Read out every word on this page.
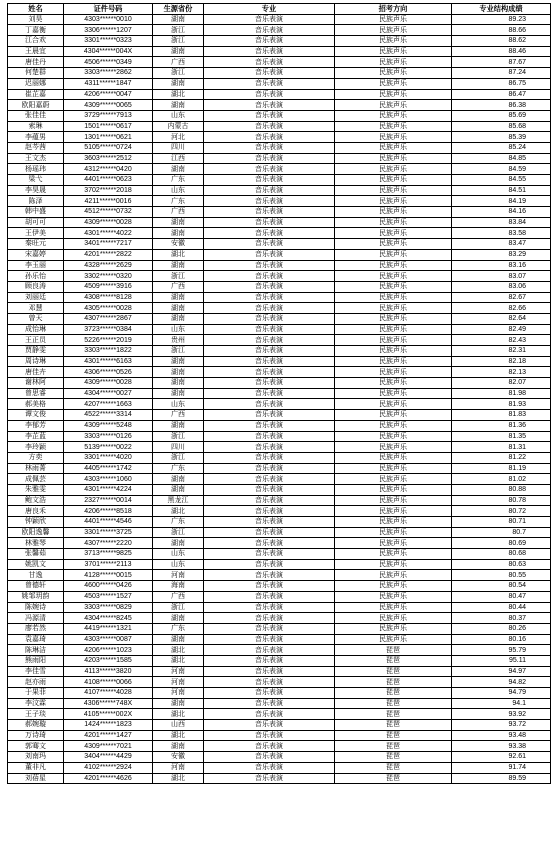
姓名	证件号码	生源省份	专业	招考方向	专业结构成绩
刘昊	4303******0010	湖南	音乐表演	民族声乐	89.23
丁嘉衡	3306******1207	浙江	音乐表演	民族声乐	88.66
江合欢	3301******0323	浙江	音乐表演	民族声乐	88.62
王晨宜	4304******004X	湖南	音乐表演	民族声乐	88.46
唐佳丹	4506******0349	广西	音乐表演	民族声乐	87.67
何楚群	3303******2862	浙江	音乐表演	民族声乐	87.24
迟丽娜	4311******1847	湖南	音乐表演	民族声乐	86.75
崔芷嘉	4206******0047	湖北	音乐表演	民族声乐	86.47
欧阳嘉蔚	4309******0065	湖南	音乐表演	民族声乐	86.38
张佳佳	3729******7913	山东	音乐表演	民族声乐	85.69
索琳	1501******0617	内蒙古	音乐表演	民族声乐	85.68
李蕴男	1301******0621	河北	音乐表演	民族声乐	85.39
赵芩茜	5105******0724	四川	音乐表演	民族声乐	85.24
王文杰	3603******2512	江西	音乐表演	民族声乐	84.85
杨瑶玮	4312******0420	湖南	音乐表演	民族声乐	84.59
梁弋	4401******0623	广东	音乐表演	民族声乐	84.55
李昊晟	3702******2018	山东	音乐表演	民族声乐	84.51
陈泽	4211******0016	广东	音乐表演	民族声乐	84.19
韩中盛	4512******0732	广西	音乐表演	民族声乐	84.16
胡可可	4309******0028	湖南	音乐表演	民族声乐	83.84
王伊美	4301******4022	湖南	音乐表演	民族声乐	83.58
秦旺元	3401******7217	安徽	音乐表演	民族声乐	83.47
宋嘉婷	4201******2822	湖北	音乐表演	民族声乐	83.29
李玉丽	4328******2629	湖南	音乐表演	民族声乐	83.16
孙乐怡	3302******0320	浙江	音乐表演	民族声乐	83.07
顾良涛	4509******3916	广西	音乐表演	民族声乐	83.06
刘丽廷	4308******8128	湖南	音乐表演	民族声乐	82.67
邓慧	4305******0028	湖南	音乐表演	民族声乐	82.66
曾天	4307******2867	湖南	音乐表演	民族声乐	82.64
成怡琳	3723******0384	山东	音乐表演	民族声乐	82.49
王正员	5226******2019	贵州	音乐表演	民族声乐	82.43
贾静雯	3303******1822	浙江	音乐表演	民族声乐	82.31
周诗琳	4301******6163	湖南	音乐表演	民族声乐	82.18
唐佳卉	4306******0526	湖南	音乐表演	民族声乐	82.13
谢林阿	4309******0028	湖南	音乐表演	民族声乐	82.07
曾思睿	4304******0027	湖南	音乐表演	民族声乐	81.98
郝美格	4207******1663	山东	音乐表演	民族声乐	81.93
谭文俊	4522******3314	广西	音乐表演	民族声乐	81.83
李郁芳	4309******5248	湖南	音乐表演	民族声乐	81.36
李芷蓝	3303******0126	浙江	音乐表演	民族声乐	81.35
李玲颖	5139******0022	四川	音乐表演	民族声乐	81.31
方奕	3301******4020	浙江	音乐表演	民族声乐	81.22
林雨菁	4405******1742	广东	音乐表演	民族声乐	81.19
成佩芸	4303******1060	湖南	音乐表演	民族声乐	81.02
朱雅雯	4301******4224	湖南	音乐表演	民族声乐	80.88
鲍文浩	2327******0014	黑龙江	音乐表演	民族声乐	80.78
唐良禾	4206******8518	湖北	音乐表演	民族声乐	80.72
钟颖欣	4401******4546	广东	音乐表演	民族声乐	80.71
欧阳逸馨	3301******3725	浙江	音乐表演	民族声乐	80.7
林雅琴	4307******2220	湖南	音乐表演	民族声乐	80.69
张馨茹	3713******9825	山东	音乐表演	民族声乐	80.68
姚凯文	3701******2113	山东	音乐表演	民族声乐	80.63
甘逸	4128******0015	河南	音乐表演	民族声乐	80.55
曾德轩	4600******0426	海南	音乐表演	民族声乐	80.54
姚邹玥韵	4503******1527	广西	音乐表演	民族声乐	80.47
陈婉诗	3303******0829	浙江	音乐表演	民族声乐	80.44
冯源清	4304******8245	湖南	音乐表演	民族声乐	80.37
廖若然	4419******1321	广东	音乐表演	民族声乐	80.26
袁嘉琦	4303******0087	湖南	音乐表演	民族声乐	80.16
陈琳洁	4206******1023	湖北	音乐表演	琵琶	95.79
熊雨阳	4203******1585	湖北	音乐表演	琵琶	95.11
李佳雪	4113******3820	河南	音乐表演	琵琶	94.97
赵亦雨	4108******0066	河南	音乐表演	琵琶	94.82
于果菲	4107******4028	河南	音乐表演	琵琶	94.79
李汶霖	4306******748X	湖南	音乐表演	琵琶	94.1
王子琰	4105******002X	湖北	音乐表演	琵琶	93.92
郝婉璇	1424******1823	山西	音乐表演	琵琶	93.72
万诗琦	4201******1427	湖北	音乐表演	琵琶	93.48
郭骞文	4309******7021	湖南	音乐表演	琵琶	93.38
刘南玛	3404******4429	安徽	音乐表演	琵琶	92.61
董非凡	4102******2924	河南	音乐表演	琵琶	91.74
刘蓓星	4201******4626	湖北	音乐表演	琵琶	89.59
